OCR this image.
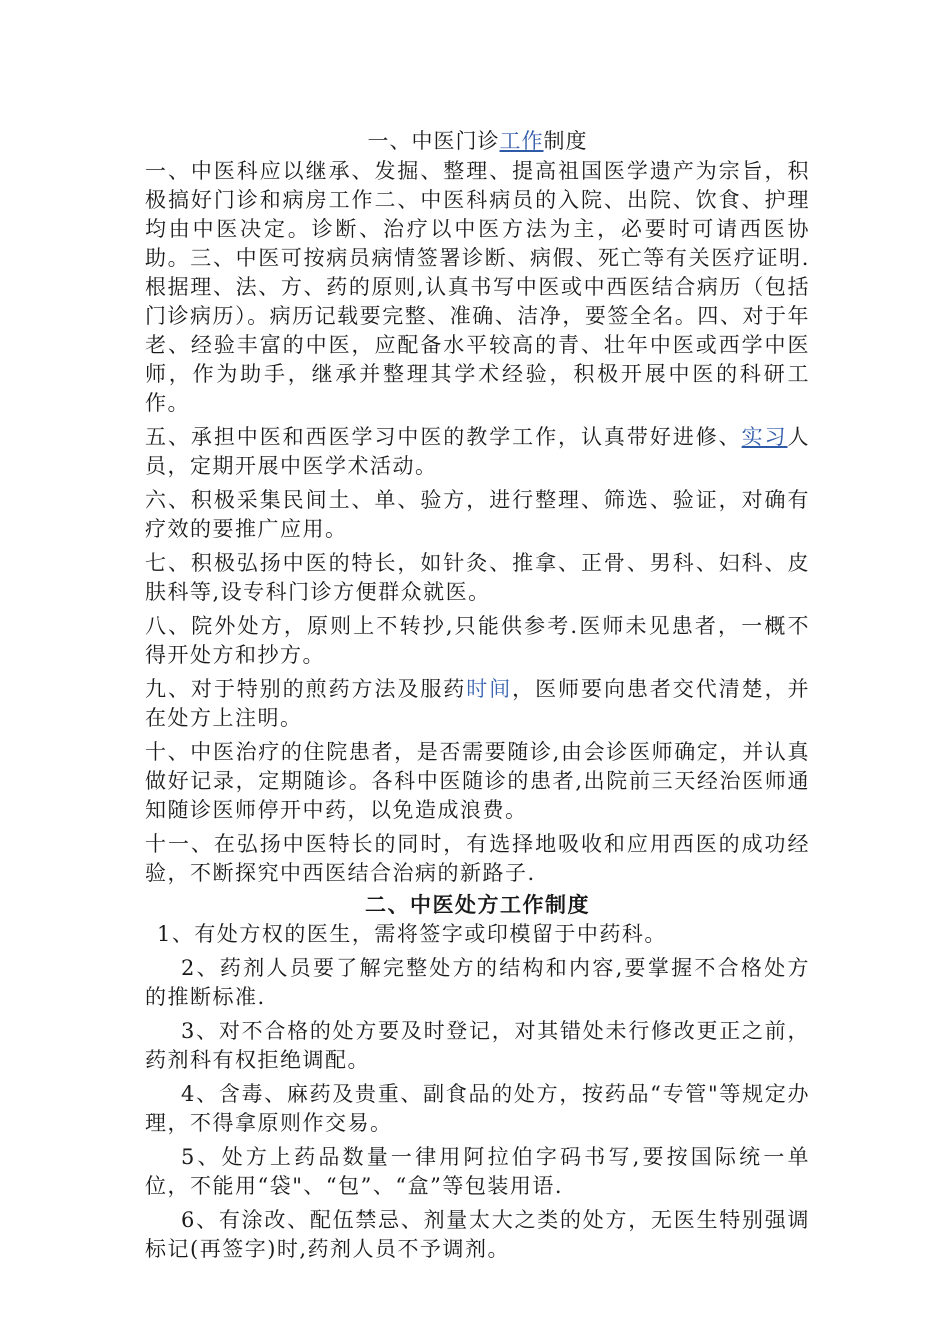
一、中医门诊工作制度

一、中医科应以继承、发掘、整理、提高祖国医学遗产为宗旨，积极搞好门诊和病房工作二、中医科病员的入院、出院、饮食、护理均由中医决定。诊断、治疗以中医方法为主，必要时可请西医协助。三、中医可按病员病情签署诊断、病假、死亡等有关医疗证明.根据理、法、方、药的原则,认真书写中医或中西医结合病历（包括门诊病历）。病历记载要完整、准确、洁净，要签全名。四、对于年老、经验丰富的中医，应配备水平较高的青、壮年中医或西学中医师，作为助手，继承并整理其学术经验，积极开展中医的科研工作。

五、承担中医和西医学习中医的教学工作，认真带好进修、实习人员，定期开展中医学术活动。

六、积极采集民间土、单、验方，进行整理、筛选、验证，对确有疗效的要推广应用。

七、积极弘扬中医的特长，如针灸、推拿、正骨、男科、妇科、皮肤科等,设专科门诊方便群众就医。

八、院外处方，原则上不转抄,只能供参考.医师未见患者，一概不得开处方和抄方。

九、对于特别的煎药方法及服药时间，医师要向患者交代清楚，并在处方上注明。

十、中医治疗的住院患者，是否需要随诊,由会诊医师确定，并认真做好记录，定期随诊。各科中医随诊的患者,出院前三天经治医师通知随诊医师停开中药，以免造成浪费。

十一、在弘扬中医特长的同时，有选择地吸收和应用西医的成功经验，不断探究中西医结合治病的新路子.

二、中医处方工作制度

1、有处方权的医生，需将签字或印模留于中药科。

2、药剂人员要了解完整处方的结构和内容,要掌握不合格处方的推断标准.

3、对不合格的处方要及时登记，对其错处未行修改更正之前，药剂科有权拒绝调配。

4、含毒、麻药及贵重、副食品的处方，按药品“专管"等规定办理，不得拿原则作交易。

5、处方上药品数量一律用阿拉伯字码书写,要按国际统一单位，不能用“袋"、“包”、“盒”等包装用语.

6、有涂改、配伍禁忌、剂量太大之类的处方，无医生特别强调标记(再签字)时,药剂人员不予调剂。
